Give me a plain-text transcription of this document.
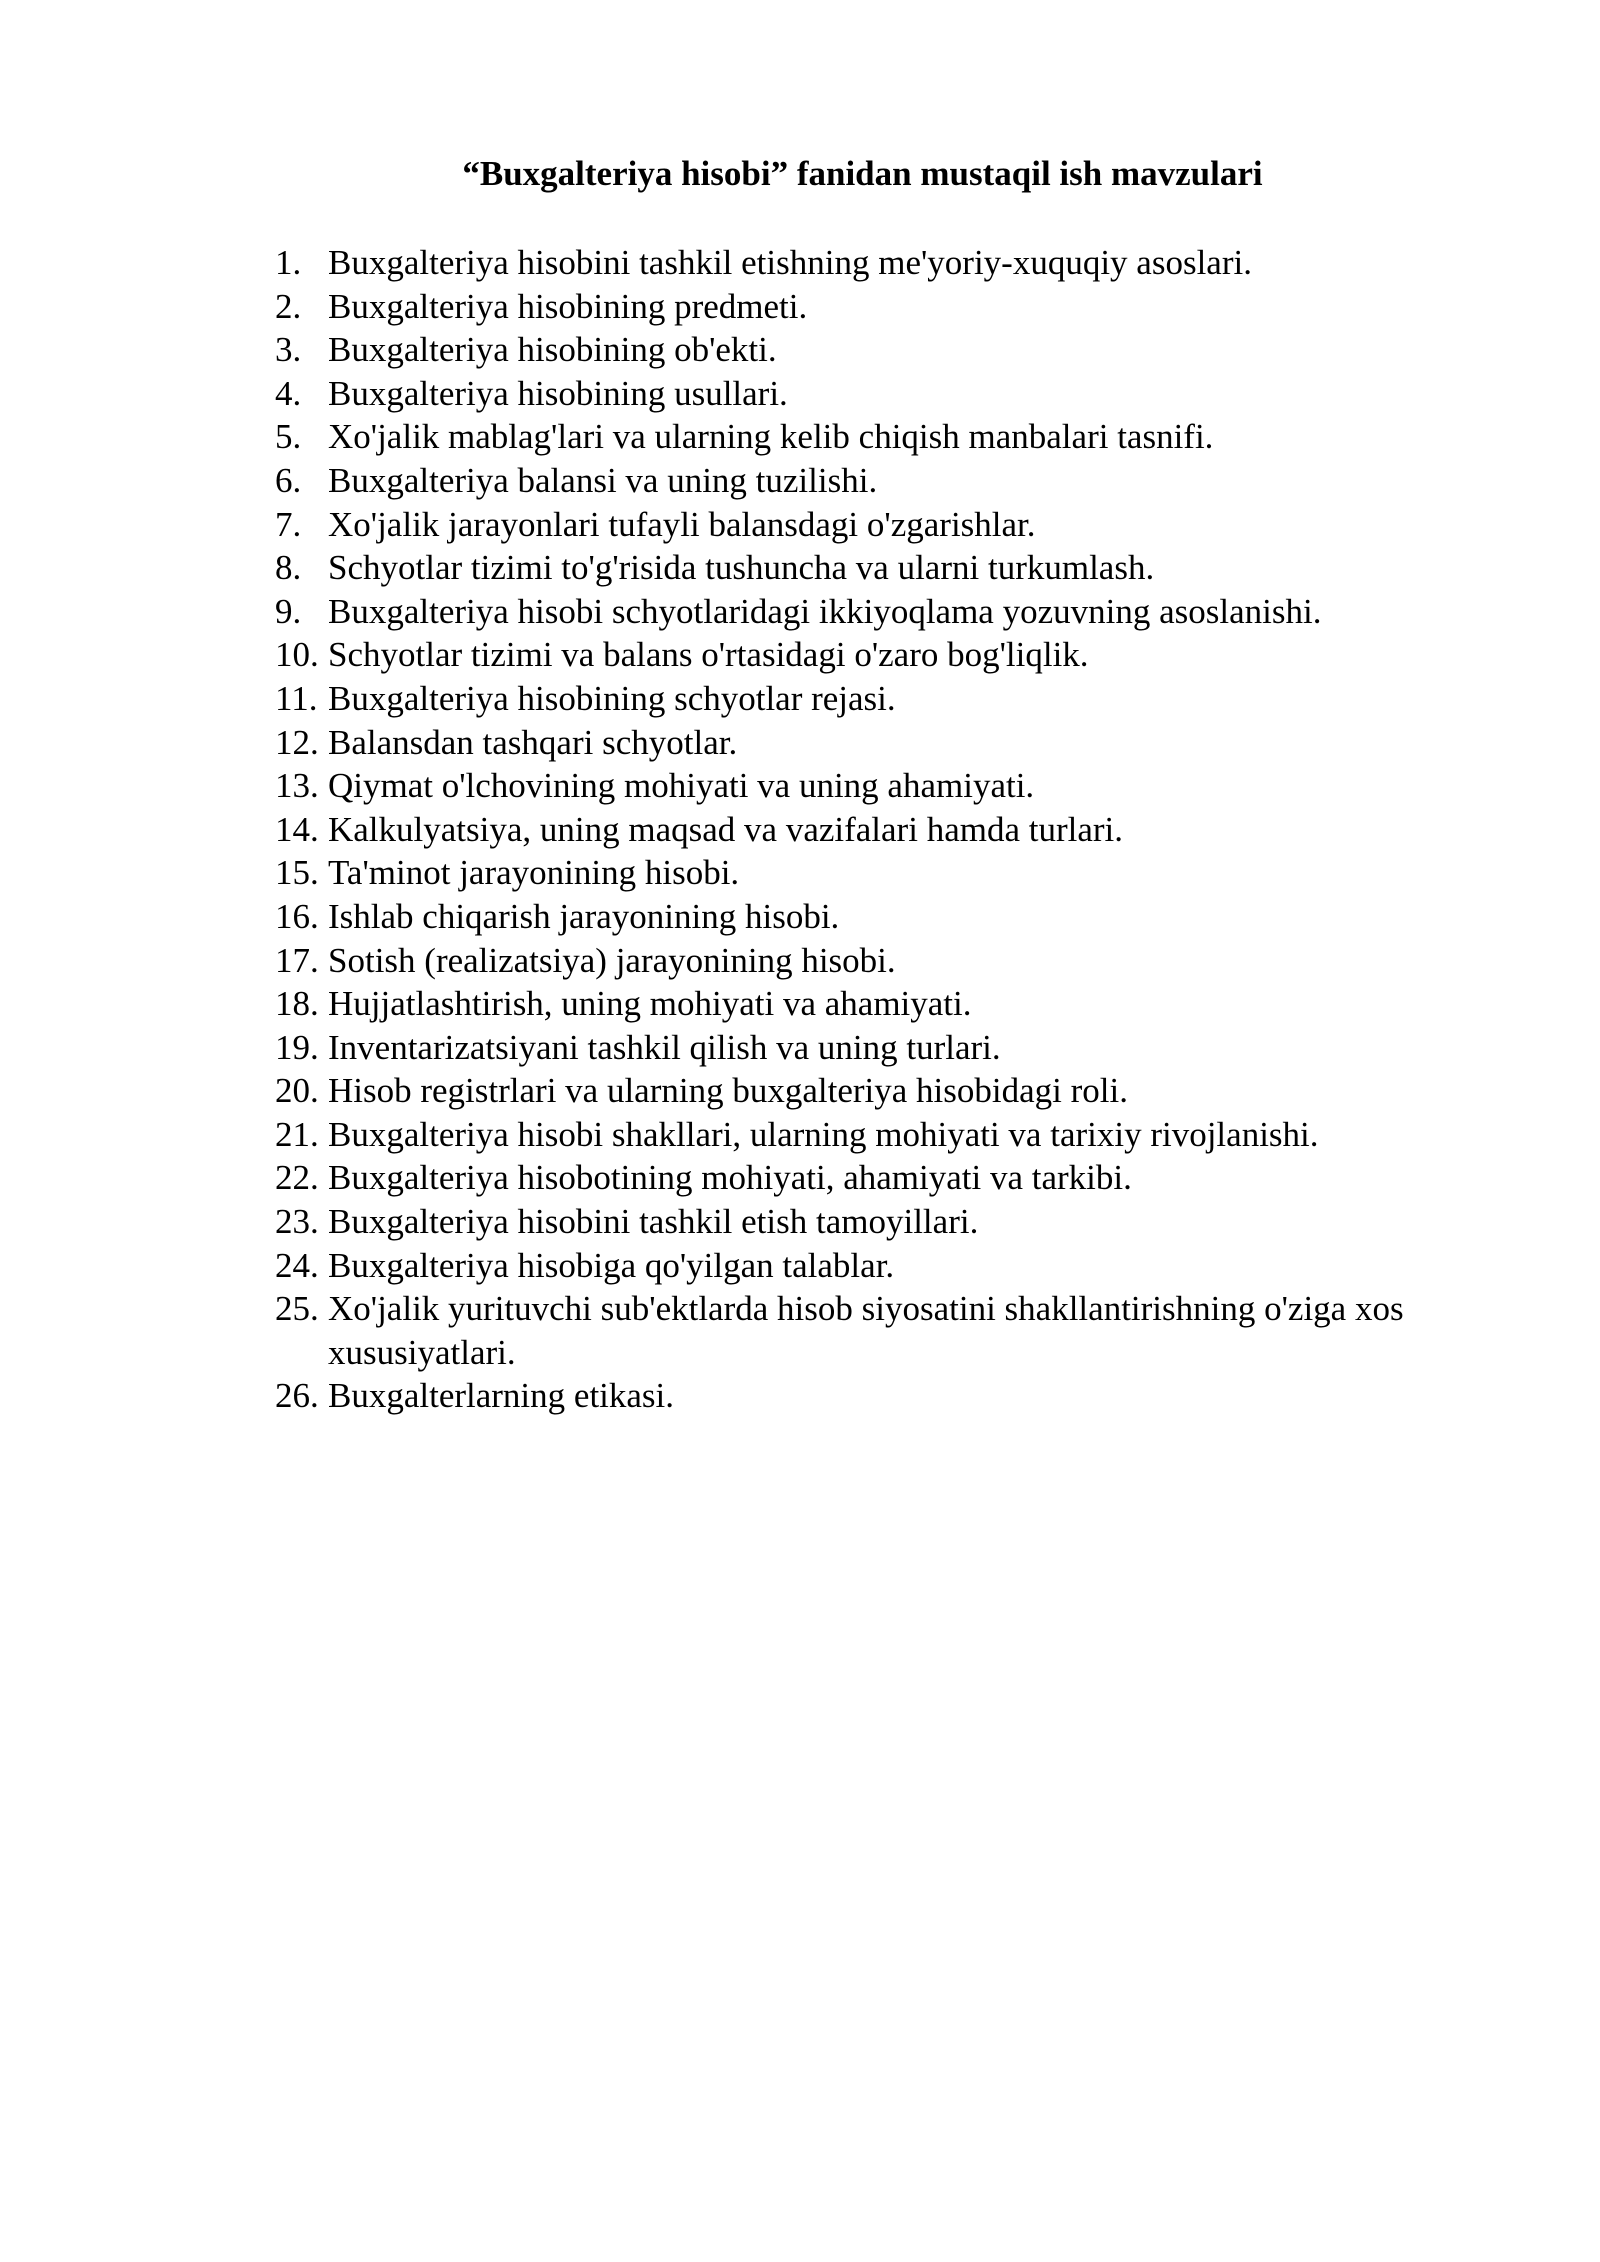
“Buxgalteriya hisobi” fanidan mustaqil ish mavzulari
1. Buxgalteriya hisobini tashkil etishning me'yoriy-xuquqiy asoslari.
2. Buxgalteriya hisobining predmeti.
3. Buxgalteriya hisobining ob'ekti.
4. Buxgalteriya hisobining usullari.
5. Xo'jalik mablag'lari va ularning kelib chiqish manbalari tasnifi.
6. Buxgalteriya balansi va uning tuzilishi.
7. Xo'jalik jarayonlari tufayli balansdagi o'zgarishlar.
8. Schyotlar tizimi to'g'risida tushuncha va ularni turkumlash.
9. Buxgalteriya hisobi schyotlaridagi ikkiyoqlama yozuvning asoslanishi.
10. Schyotlar tizimi va balans o'rtasidagi o'zaro bog'liqlik.
11. Buxgalteriya hisobining schyotlar rejasi.
12. Balansdan tashqari schyotlar.
13. Qiymat o'lchovining mohiyati va uning ahamiyati.
14. Kalkulyatsiya, uning maqsad va vazifalari hamda turlari.
15. Ta'minot jarayonining hisobi.
16. Ishlab chiqarish jarayonining hisobi.
17. Sotish (realizatsiya) jarayonining hisobi.
18. Hujjatlashtirish, uning mohiyati va ahamiyati.
19. Inventarizatsiyani tashkil qilish va uning turlari.
20. Hisob registrlari va ularning buxgalteriya hisobidagi roli.
21. Buxgalteriya hisobi shakllari, ularning mohiyati va tarixiy rivojlanishi.
22. Buxgalteriya hisobotining mohiyati, ahamiyati va tarkibi.
23. Buxgalteriya hisobini tashkil etish tamoyillari.
24. Buxgalteriya hisobiga qo'yilgan talablar.
25. Xo'jalik yurituvchi sub'ektlarda hisob siyosatini shakllantirishning o'ziga xos xususiyatlari.
26. Buxgalterlarning etikasi.
